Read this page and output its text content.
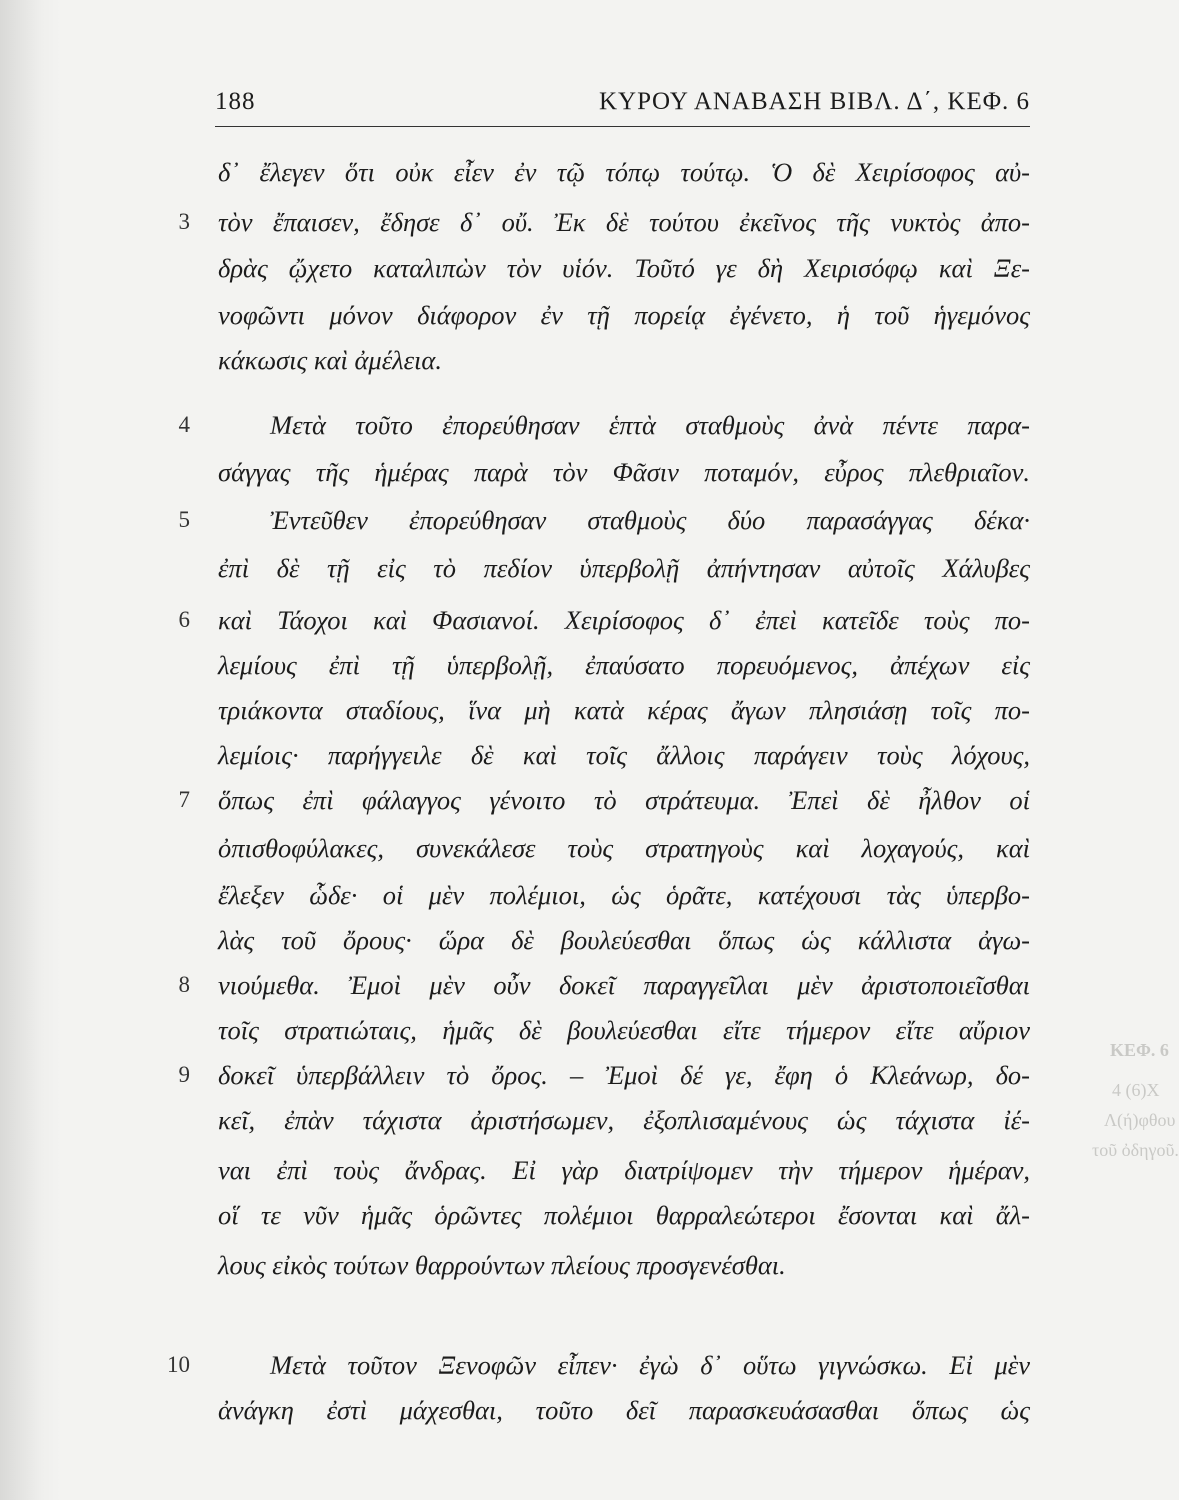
ΚΕΦ. 6
4 (6)Χ
Λ(ή)φθου
τοῦ ὀδηγοῦ.
188	ΚΥΡΟΥ ΑΝΑΒΑΣΗ ΒΙΒΛ. Δ΄, ΚΕΦ. 6
3
4
5
6
7
8
9
10
δ᾿ ἔλεγεν ὅτι οὐκ εἶεν ἐν τῷ τόπῳ τούτῳ. Ὁ δὲ Χειρίσοφος αὐ-
τὸν ἔπαισεν, ἔδησε δ᾿ οὔ. Ἐκ δὲ τούτου ἐκεῖνος τῆς νυκτὸς ἀπο-
δρὰς ᾤχετο καταλιπὼν τὸν υἱόν. Τοῦτό γε δὴ Χειρισόφῳ καὶ Ξε-
νοφῶντι μόνον διάφορον ἐν τῇ πορείᾳ ἐγένετο, ἡ τοῦ ἡγεμόνος
κάκωσις καὶ ἀμέλεια.
Μετὰ τοῦτο ἐπορεύθησαν ἑπτὰ σταθμοὺς ἀνὰ πέντε παρα-
σάγγας τῆς ἡμέρας παρὰ τὸν Φᾶσιν ποταμόν, εὖρος πλεθριαῖον.
Ἐντεῦθεν ἐπορεύθησαν σταθμοὺς δύο παρασάγγας δέκα·
ἐπὶ δὲ τῇ εἰς τὸ πεδίον ὑπερβολῇ ἀπήντησαν αὐτοῖς Χάλυβες
καὶ Τάοχοι καὶ Φασιανοί. Χειρίσοφος δ᾿ ἐπεὶ κατεῖδε τοὺς πο-
λεμίους ἐπὶ τῇ ὑπερβολῇ, ἐπαύσατο πορευόμενος, ἀπέχων εἰς
τριάκοντα σταδίους, ἵνα μὴ κατὰ κέρας ἄγων πλησιάσῃ τοῖς πο-
λεμίοις· παρήγγειλε δὲ καὶ τοῖς ἄλλοις παράγειν τοὺς λόχους,
ὅπως ἐπὶ φάλαγγος γένοιτο τὸ στράτευμα. Ἐπεὶ δὲ ἦλθον οἱ
ὀπισθοφύλακες, συνεκάλεσε τοὺς στρατηγοὺς καὶ λοχαγούς, καὶ
ἔλεξεν ὧδε· οἱ μὲν πολέμιοι, ὡς ὁρᾶτε, κατέχουσι τὰς ὑπερβο-
λὰς τοῦ ὄρους· ὥρα δὲ βουλεύεσθαι ὅπως ὡς κάλλιστα ἀγω-
νιούμεθα. Ἐμοὶ μὲν οὖν δοκεῖ παραγγεῖλαι μὲν ἀριστοποιεῖσθαι
τοῖς στρατιώταις, ἡμᾶς δὲ βουλεύεσθαι εἴτε τήμερον εἴτε αὔριον
δοκεῖ ὑπερβάλλειν τὸ ὄρος. – Ἐμοὶ δέ γε, ἔφη ὁ Κλεάνωρ, δο-
κεῖ, ἐπὰν τάχιστα ἀριστήσωμεν, ἐξοπλισαμένους ὡς τάχιστα ἰέ-
ναι ἐπὶ τοὺς ἄνδρας. Εἰ γὰρ διατρίψομεν τὴν τήμερον ἡμέραν,
οἵ τε νῦν ἡμᾶς ὁρῶντες πολέμιοι θαρραλεώτεροι ἔσονται καὶ ἄλ-
λους εἰκὸς τούτων θαρρούντων πλείους προσγενέσθαι.
Μετὰ τοῦτον Ξενοφῶν εἶπεν· ἐγὼ δ᾿ οὕτω γιγνώσκω. Εἰ μὲν
ἀνάγκη ἐστὶ μάχεσθαι, τοῦτο δεῖ παρασκευάσασθαι ὅπως ὡς
